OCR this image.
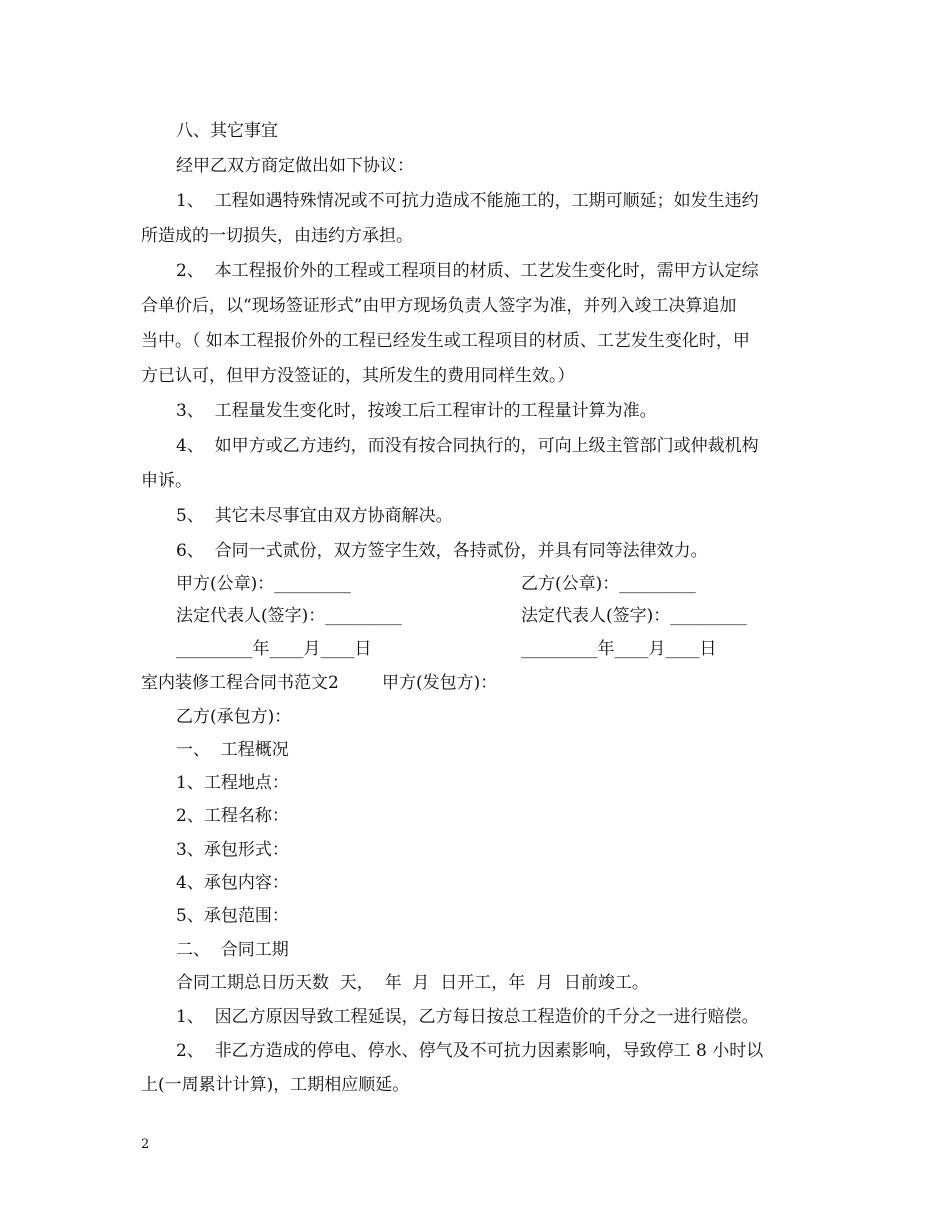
八、其它事宜
经甲乙双方商定做出如下协议：
1、  工程如遇特殊情况或不可抗力造成不能施工的，工期可顺延；如发生违约
所造成的一切损失，由违约方承担。
2、  本工程报价外的工程或工程项目的材质、工艺发生变化时，需甲方认定综
合单价后，以“现场签证形式”由甲方现场负责人签字为准，并列入竣工决算追加
当中。（ 如本工程报价外的工程已经发生或工程项目的材质、工艺发生变化时，甲
方已认可，但甲方没签证的，其所发生的费用同样生效。）
3、  工程量发生变化时，按竣工后工程审计的工程量计算为准。
4、  如甲方或乙方违约，而没有按合同执行的，可向上级主管部门或仲裁机构
申诉。
5、  其它未尽事宜由双方协商解决。
6、  合同一式贰份，双方签字生效，各持贰份，并具有同等法律效力。
甲方(公章)：_________	乙方(公章)：_________
法定代表人(签字)：_________	法定代表人(签字)：_________
_________年____月____日	_________年____月____日
室内装修工程合同书范文2        甲方(发包方)：
乙方(承包方)：
一、  工程概况
1、工程地点：
2、工程名称：
3、承包形式：
4、承包内容：
5、承包范围：
二、  合同工期
合同工期总日历天数  天，  年  月  日开工，年  月  日前竣工。
1、  因乙方原因导致工程延误，乙方每日按总工程造价的千分之一进行赔偿。
2、  非乙方造成的停电、停水、停气及不可抗力因素影响，导致停工 8 小时以
上(一周累计计算)，工期相应顺延。
2
